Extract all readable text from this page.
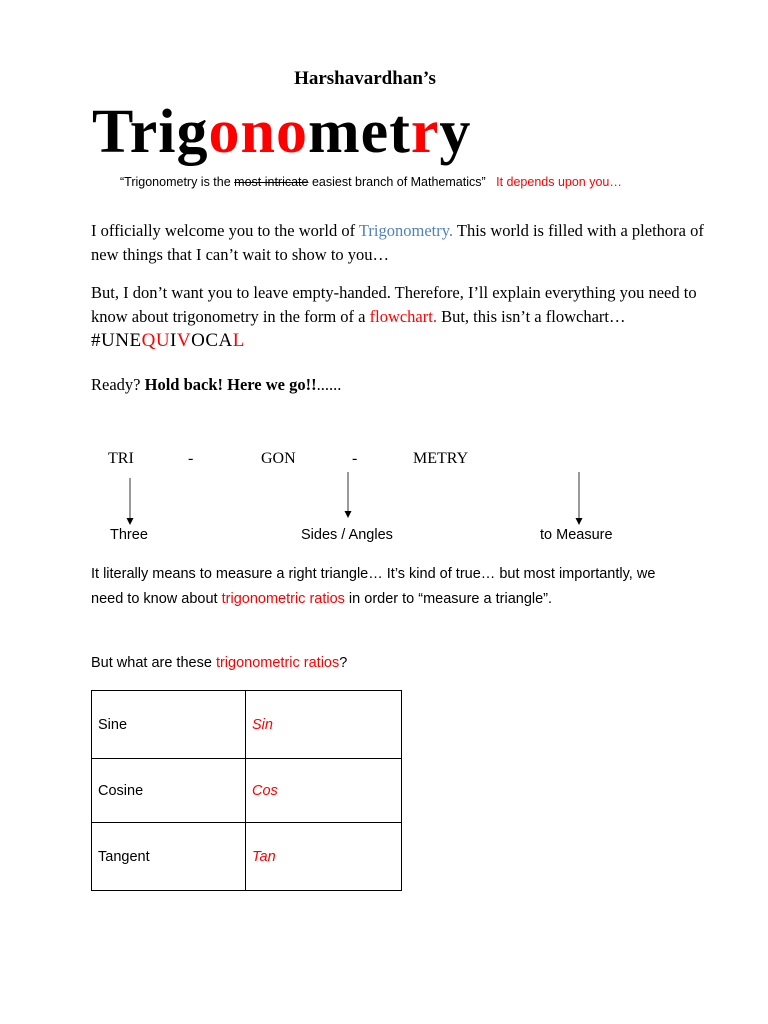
Harshavardhan’s
Trigonometry
“Trigonometry is the most intricate easiest branch of Mathematics” It depends upon you…
I officially welcome you to the world of Trigonometry. This world is filled with a plethora of new things that I can’t wait to show to you…
But, I don’t want you to leave empty-handed. Therefore, I’ll explain everything you need to know about trigonometry in the form of a flowchart. But, this isn’t a flowchart… #UNEQUIVOCAL
Ready? Hold back! Here we go!!......
TRI	-	GON	-	METRY
Three	Sides / Angles	to Measure
It literally means to measure a right triangle… It’s kind of true… but most importantly, we need to know about trigonometric ratios in order to “measure a triangle”.
But what are these trigonometric ratios?
Sine	Sin
Cosine	Cos
Tangent	Tan
